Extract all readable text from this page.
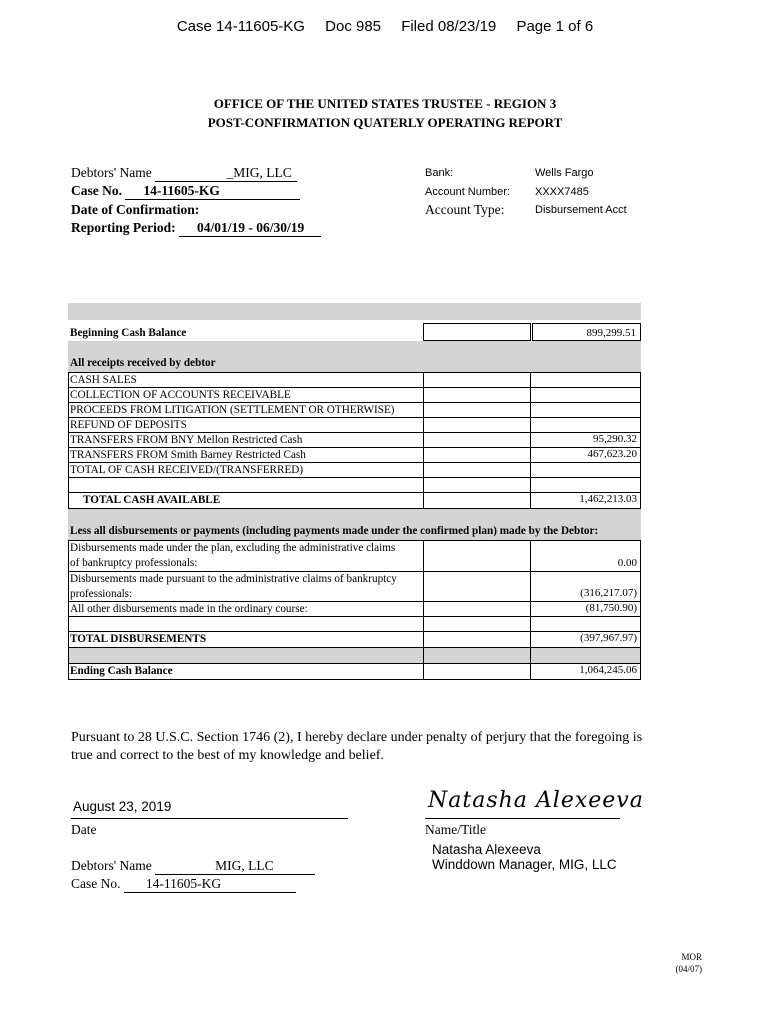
Case 14-11605-KG Doc 985 Filed 08/23/19 Page 1 of 6
OFFICE OF THE UNITED STATES TRUSTEE - REGION 3
POST-CONFIRMATION QUATERLY OPERATING REPORT
Debtors' Name	_MIG, LLC
Case No. 14-11605-KG
Date of Confirmation:
Reporting Period: 04/01/19 - 06/30/19
Bank:	Wells Fargo
Account Number: XXXX7485
Account Type:	Disbursement Acct
Beginning Cash Balance	899,299.51
All receipts received by debtor
CASH SALES
COLLECTION OF ACCOUNTS RECEIVABLE
PROCEEDS FROM LITIGATION (SETTLEMENT OR OTHERWISE)
REFUND OF DEPOSITS
TRANSFERS FROM BNY Mellon Restricted Cash	95,290.32
TRANSFERS FROM Smith Barney Restricted Cash	467,623.20
TOTAL OF CASH RECEIVED/(TRANSFERRED)
TOTAL CASH AVAILABLE	1,462,213.03
Less all disbursements or payments (including payments made under the confirmed plan) made by the Debtor:
Disbursements made under the plan, excluding the administrative claims
of bankruptcy professionals:	0.00
Disbursements made pursuant to the administrative claims of bankruptcy
professionals:	(316,217.07)
All other disbursements made in the ordinary course:	(81,750.90)
TOTAL DISBURSEMENTS	(397,967.97)
Ending Cash Balance	1,064,245.06
Pursuant to 28 U.S.C. Section 1746 (2), I hereby declare under penalty of perjury that the foregoing is
true and correct to the best of my knowledge and belief.
August 23, 2019
Date
Natasha Alexeeva
Name/Title
Natasha Alexeeva
Winddown Manager, MIG, LLC
Debtors' Name	MIG, LLC
Case No. 14-11605-KG
MOR
(04/07)
